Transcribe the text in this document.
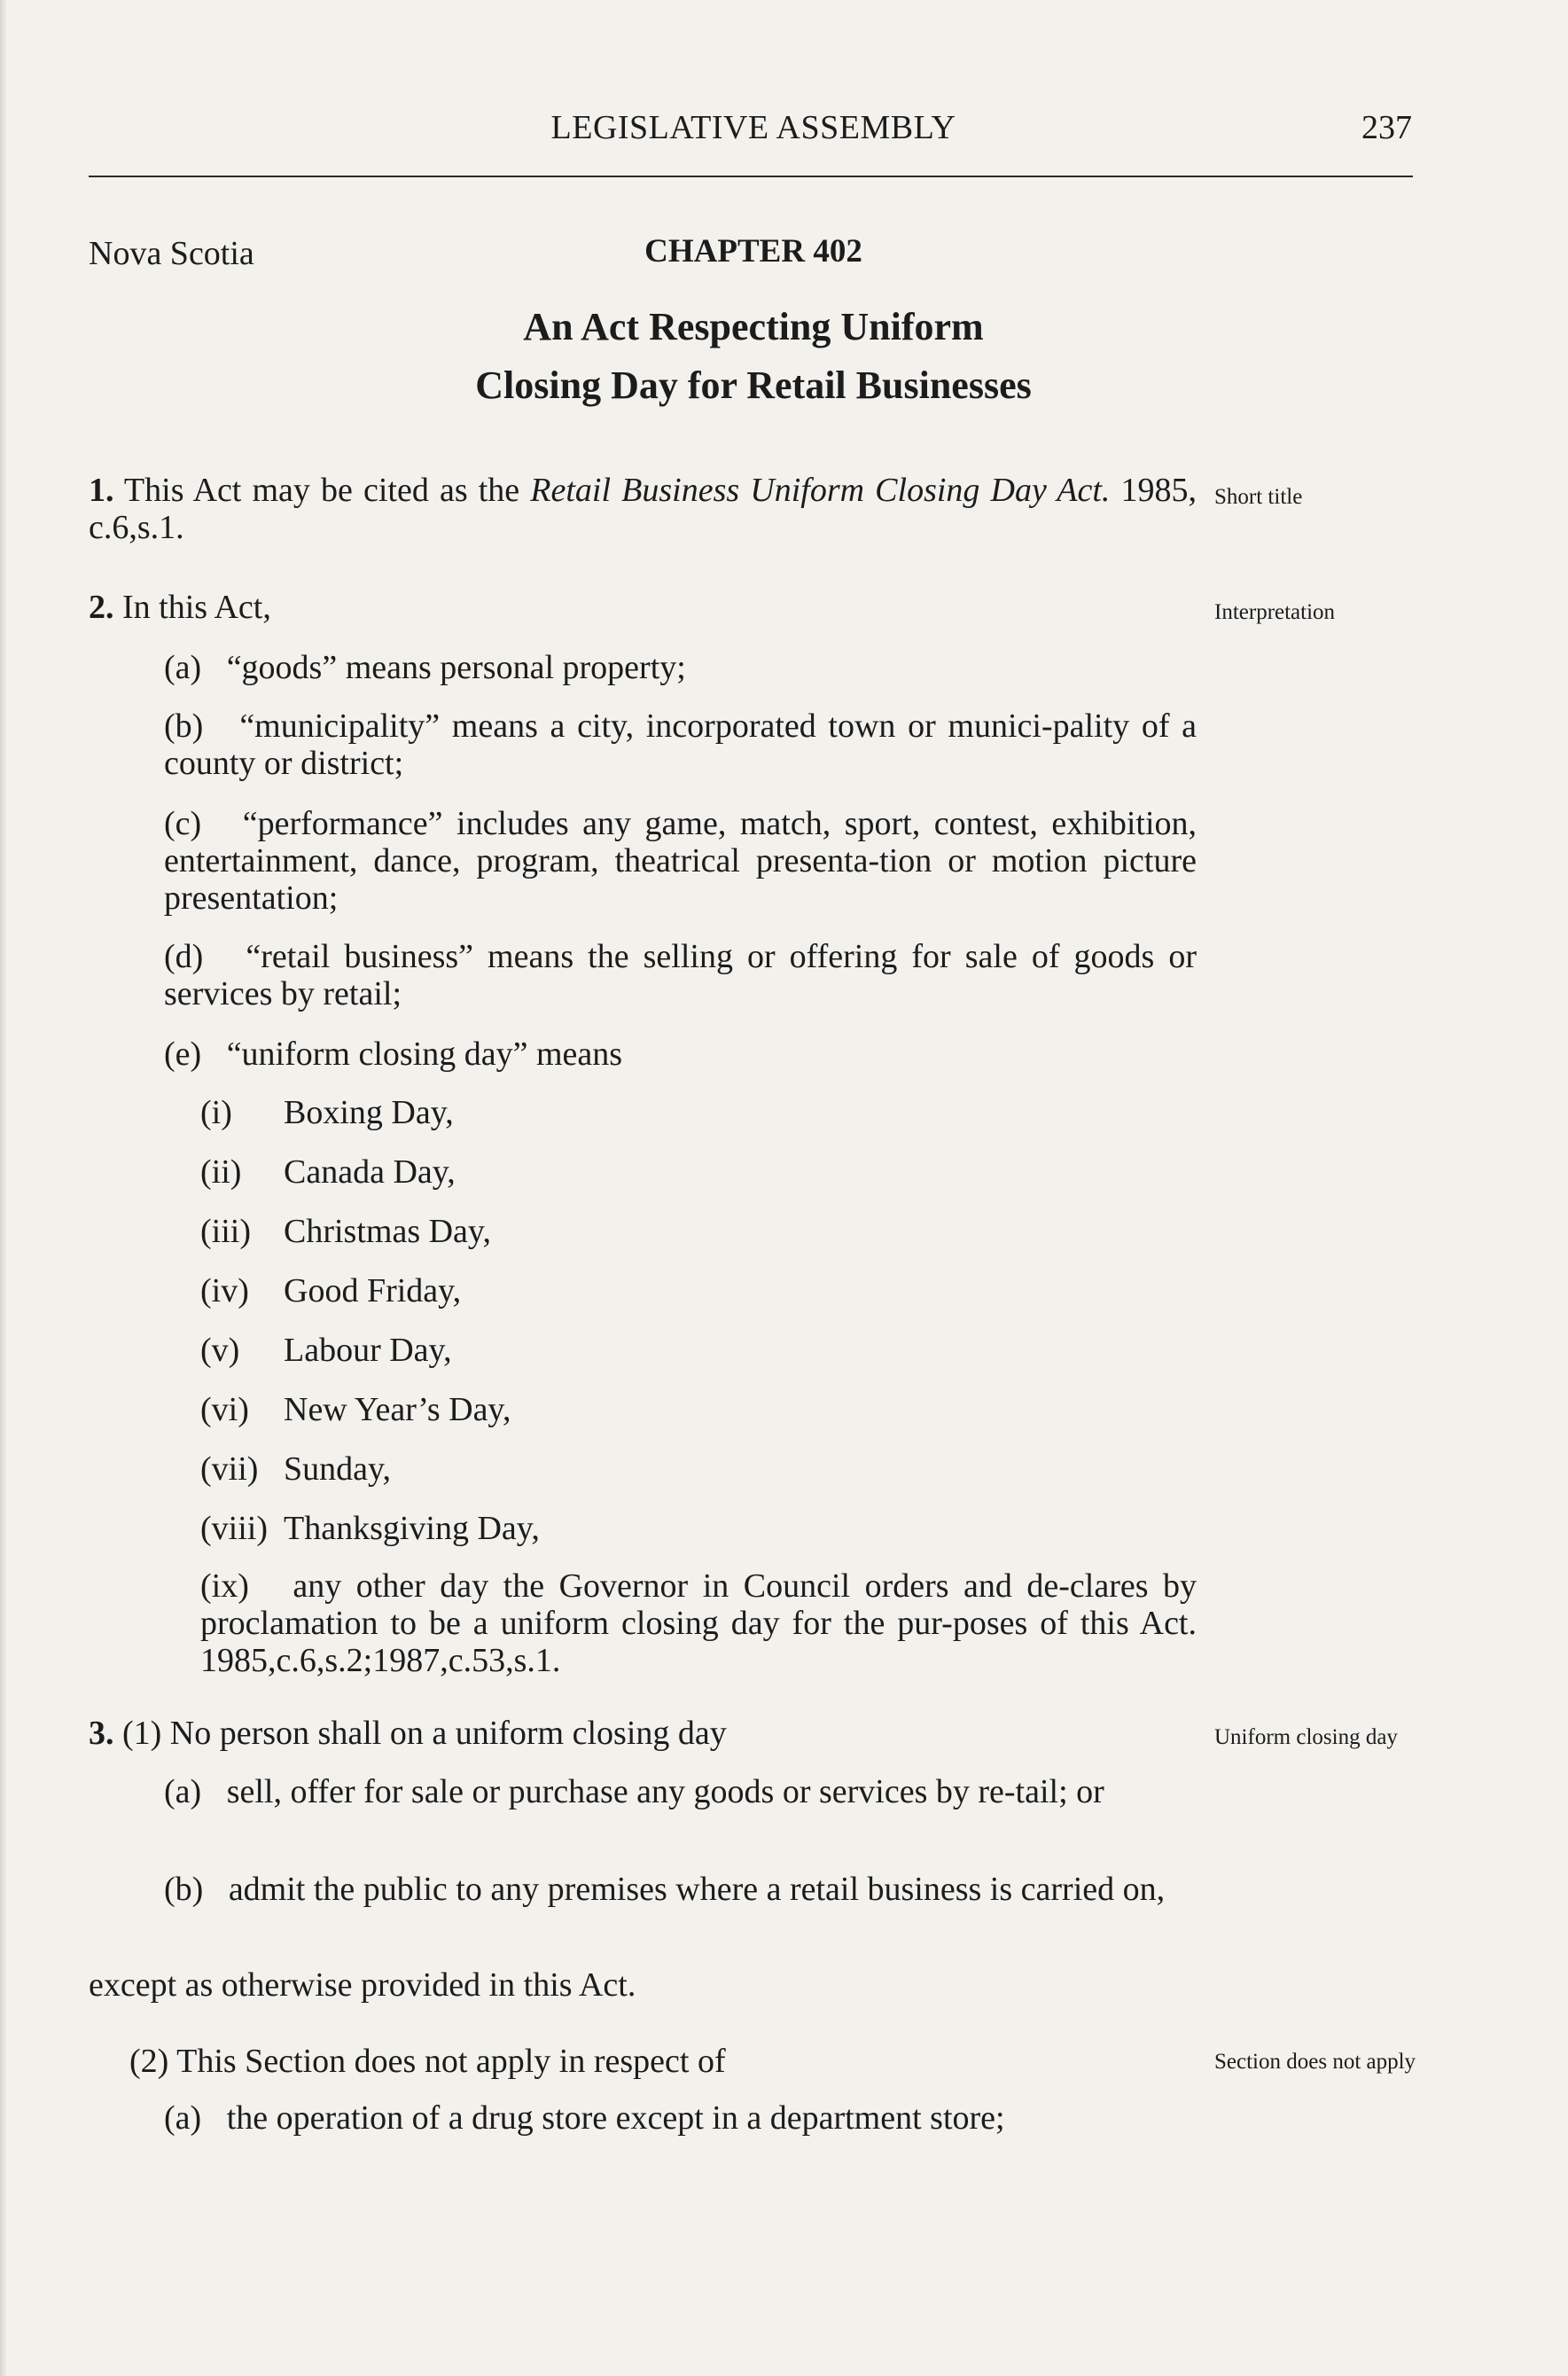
LEGISLATIVE ASSEMBLY	237
Nova Scotia	CHAPTER 402
An Act Respecting Uniform
Closing Day for Retail Businesses

1. This Act may be cited as the Retail Business Uniform Closing Day Act. 1985, c.6,s.1.

Short title

2. In this Act,	Interpretation

(a) “goods” means personal property;

(b) “municipality” means a city, incorporated town or munici-pality of a county or district;

(c) “performance” includes any game, match, sport, contest, exhibition, entertainment, dance, program, theatrical presenta-tion or motion picture presentation;

(d) “retail business” means the selling or offering for sale of goods or services by retail;

(e) “uniform closing day” means

(i) Boxing Day,

(ii) Canada Day,

(iii) Christmas Day,

(iv) Good Friday,

(v) Labour Day,

(vi) New Year’s Day,

(vii) Sunday,

(viii) Thanksgiving Day,

(ix) any other day the Governor in Council orders and de-clares by proclamation to be a uniform closing day for the pur-poses of this Act. 1985,c.6,s.2;1987,c.53,s.1.

3. (1) No person shall on a uniform closing day	Uniform closing day

(a) sell, offer for sale or purchase any goods or services by re-tail; or

(b) admit the public to any premises where a retail business is carried on,

except as otherwise provided in this Act.

(2) This Section does not apply in respect of	Section does not apply

(a) the operation of a drug store except in a department store;
